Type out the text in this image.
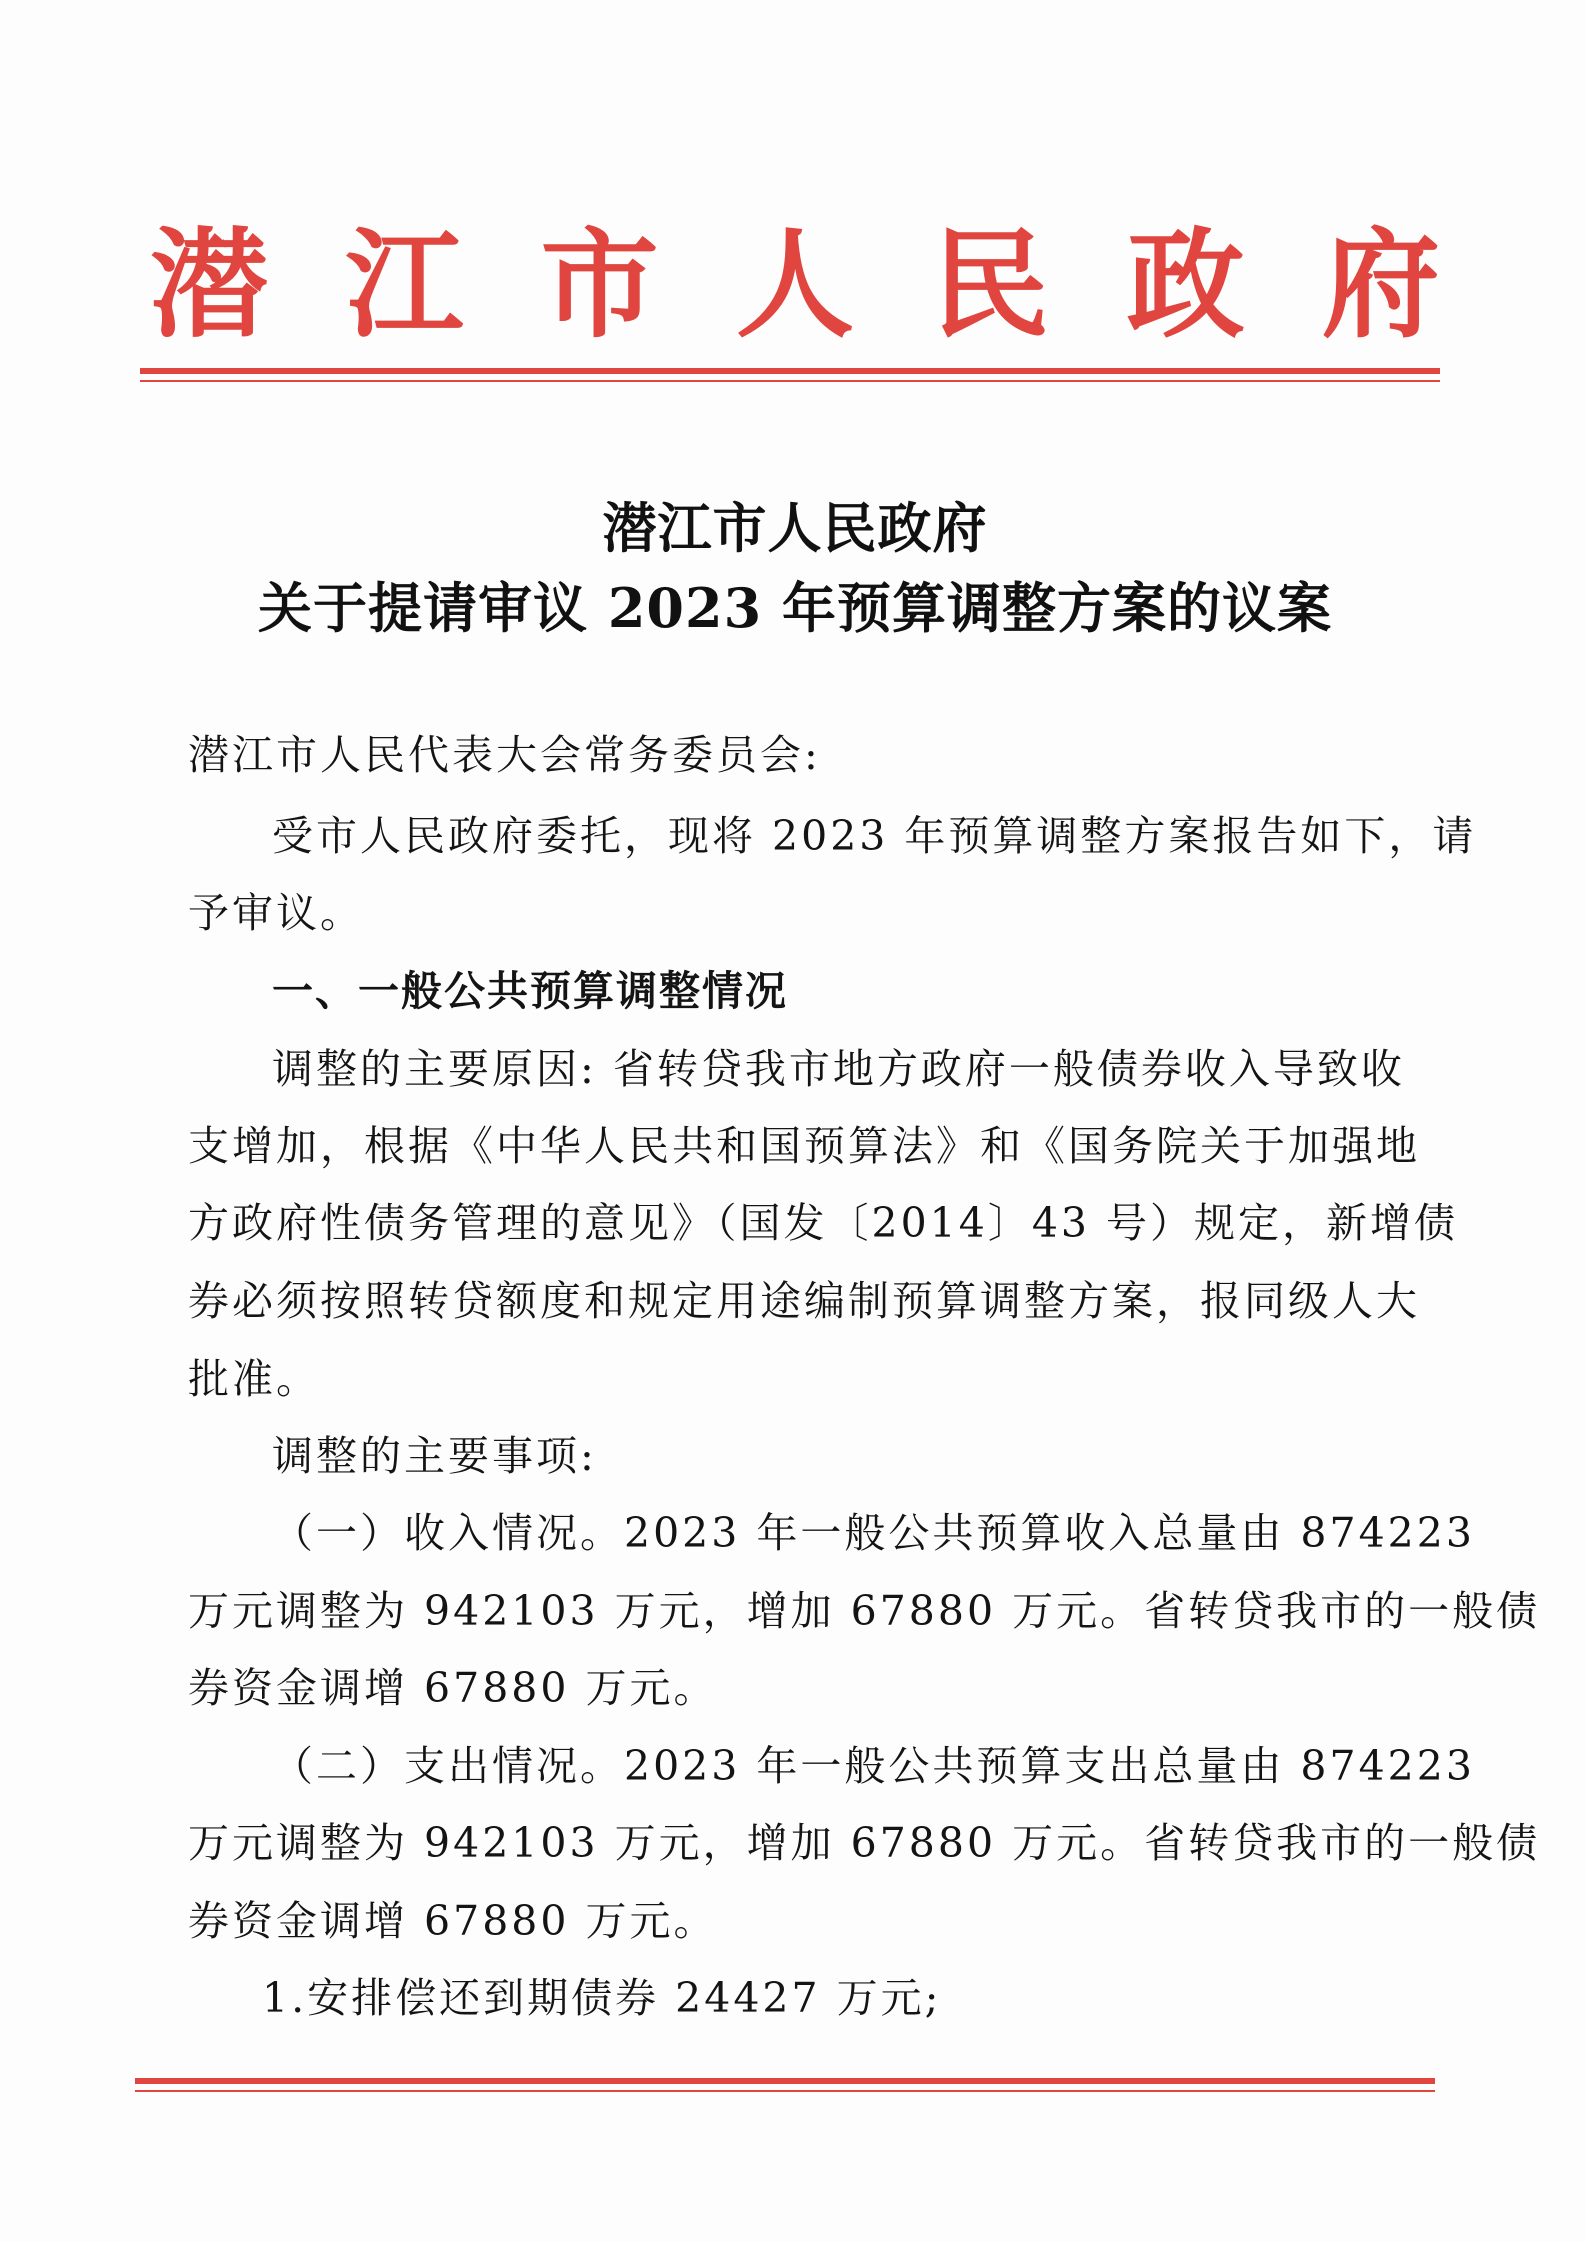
潜 江 市 人 民 政 府
潜江市人民政府
关于提请审议 2023 年预算调整方案的议案
潜江市人民代表大会常务委员会:
受市人民政府委托，现将 2023 年预算调整方案报告如下，请
予审议。
一、一般公共预算调整情况
调整的主要原因: 省转贷我市地方政府一般债券收入导致收
支增加，根据《中华人民共和国预算法》和《国务院关于加强地
方政府性债务管理的意见》（国发〔2014〕43 号）规定，新增债
券必须按照转贷额度和规定用途编制预算调整方案，报同级人大
批准。
调整的主要事项:
（一）收入情况。2023 年一般公共预算收入总量由 874223
万元调整为 942103 万元，增加 67880 万元。省转贷我市的一般债
券资金调增 67880 万元。
（二）支出情况。2023 年一般公共预算支出总量由 874223
万元调整为 942103 万元，增加 67880 万元。省转贷我市的一般债
券资金调增 67880 万元。
1.安排偿还到期债券 24427 万元;
